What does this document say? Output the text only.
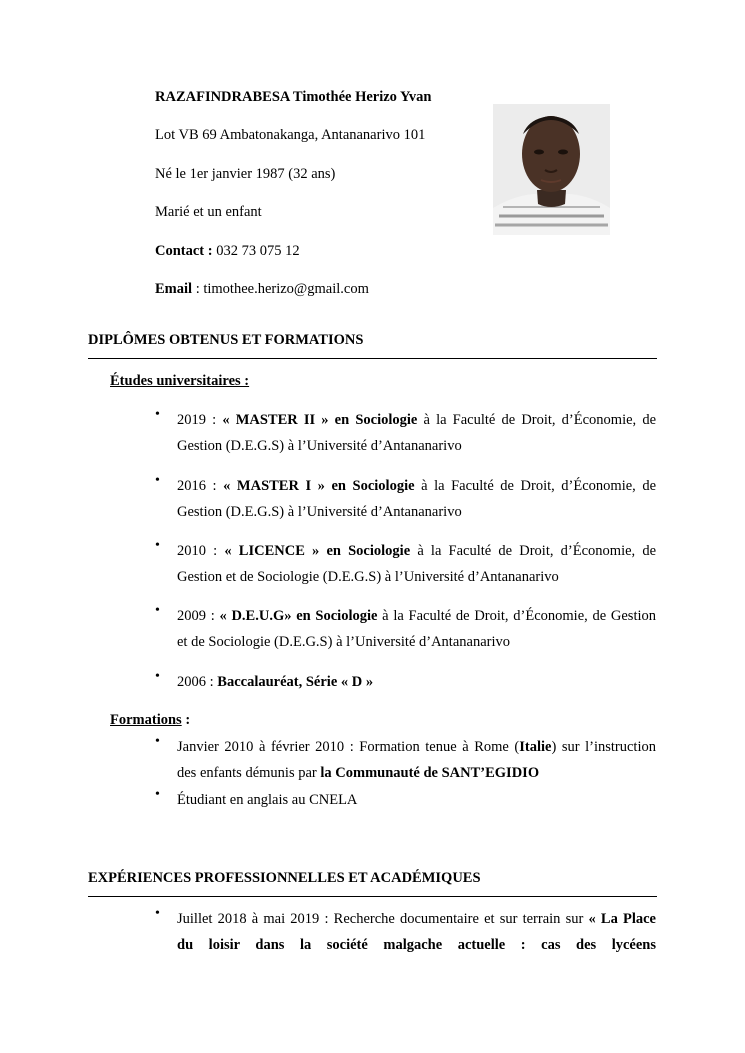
RAZAFINDRABESA Timothée Herizo Yvan
Lot VB 69 Ambatonakanga, Antananarivo 101
Né le 1er janvier 1987 (32 ans)
Marié et un enfant
Contact : 032 73 075 12
Email : timothee.herizo@gmail.com
DIPLÔMES OBTENUS ET FORMATIONS
Études universitaires :
•	2019 : « MASTER II » en Sociologie à la Faculté de Droit, d’Économie, de
Gestion (D.E.G.S) à l’Université d’Antananarivo
•	2016 : « MASTER I » en Sociologie à la Faculté de Droit, d’Économie, de
Gestion (D.E.G.S) à l’Université d’Antananarivo
•	2010 : « LICENCE » en Sociologie à la Faculté de Droit, d’Économie, de
Gestion et de Sociologie (D.E.G.S) à l’Université d’Antananarivo
•	2009 : « D.E.U.G» en Sociologie à la Faculté de Droit, d’Économie, de Gestion
et de Sociologie (D.E.G.S) à l’Université d’Antananarivo
•	2006 : Baccalauréat, Série « D »
Formations :
•	Janvier 2010 à février 2010 : Formation tenue à Rome (Italie) sur l’instruction
des enfants démunis par la Communauté de SANT’EGIDIO
•	Étudiant en anglais au CNELA
EXPÉRIENCES PROFESSIONNELLES ET ACADÉMIQUES
•	Juillet 2018 à mai 2019 : Recherche documentaire et sur terrain sur « La Place
du loisir dans la société malgache actuelle : cas des lycéens
